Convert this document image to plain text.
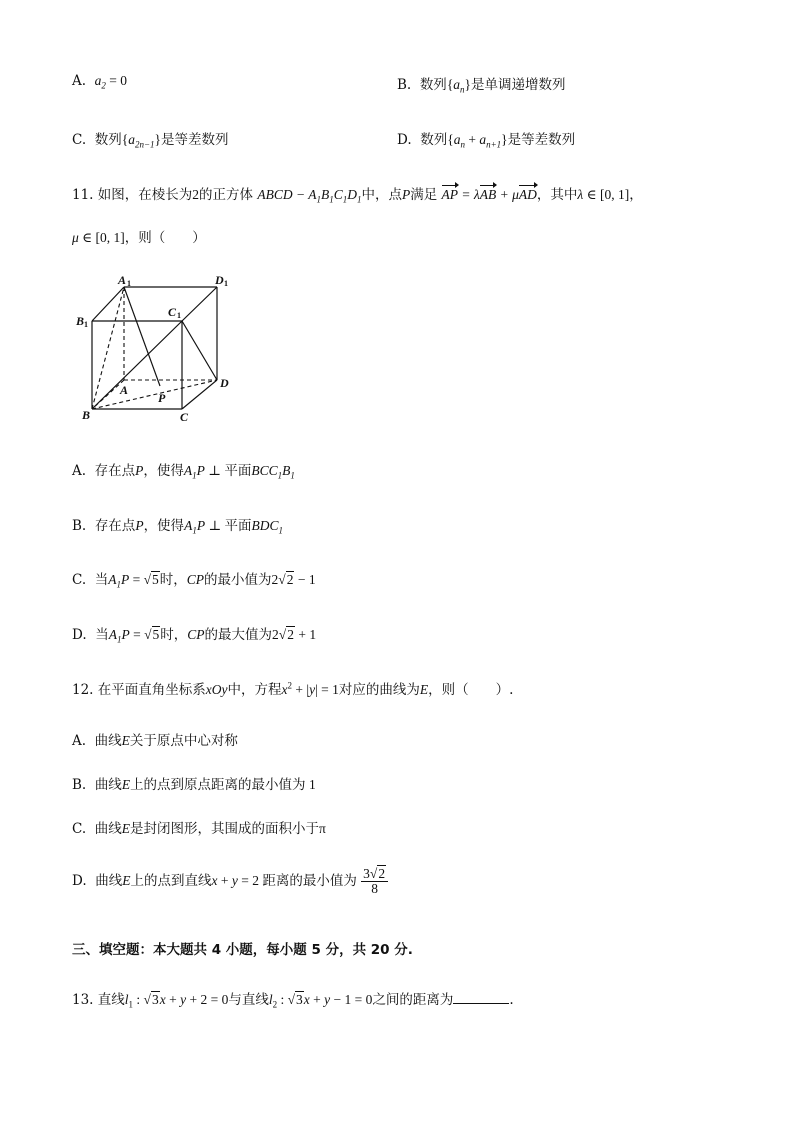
A. $a_2 = 0$	B. 数列$\{a_n\}$是单调递增数列
C. 数列$\{a_{2n-1}\}$是等差数列	D. 数列$\{a_n + a_{n+1}\}$是等差数列
11. 如图，在棱长为2的正方体 ABCD − $A_1B_1C_1D_1$中，点P满足 AP = λAB + μAD，其中λ ∈ [0, 1]，
μ ∈ [0, 1]，则（　　）
A 1	D 1
B 1
C 1
A
B	C
D
P
A. 存在点P，使得$A_1P$ ⊥ 平面$BCC_1B_1$
B. 存在点P，使得$A_1P$ ⊥ 平面$BDC_1$
C. 当$A_1P = √5$时，CP的最小值为2√2 − 1
D. 当$A_1P = √5$时，CP的最大值为2√2 + 1
12. 在平面直角坐标系xOy中，方程$x^2 + |y| = 1$对应的曲线为E，则（　　）.
A. 曲线E关于原点中心对称
B. 曲线E上的点到原点距离的最小值为 1
C. 曲线E是封闭图形，其围成的面积小于π
D. 曲线E上的点到直线x + y = 2 距离的最小值为 $\frac{3√2}{8}$
三、填空题：本大题共 4 小题，每小题 5 分，共 20 分.
13. 直线$l_1$ : √3x + y + 2 = 0与直线$l_2$ : √3x + y − 1 = 0之间的距离为	.
